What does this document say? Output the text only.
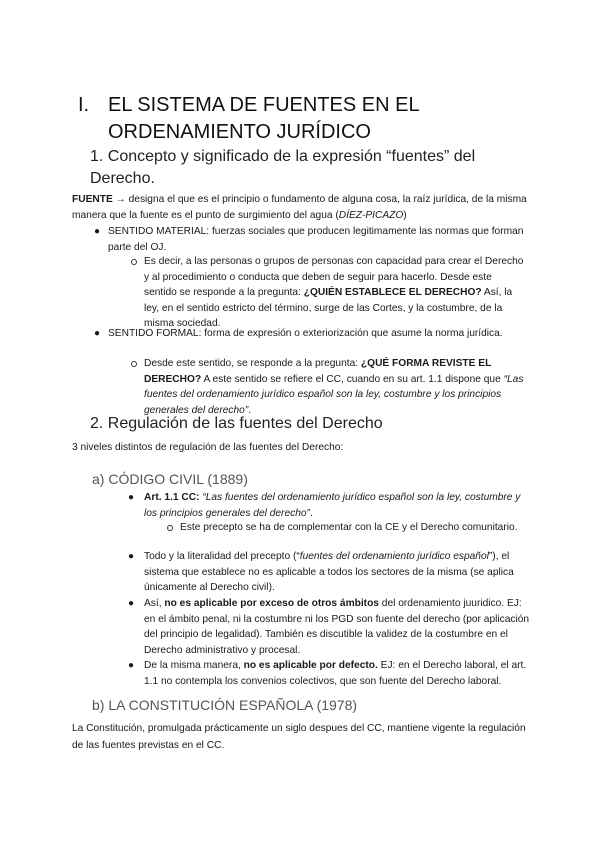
I. EL SISTEMA DE FUENTES EN EL ORDENAMIENTO JURÍDICO
1. Concepto y significado de la expresión “fuentes” del Derecho.
FUENTE → designa el que es el principio o fundamento de alguna cosa, la raíz jurídica, de la misma manera que la fuente es el punto de surgimiento del agua (DÍEZ-PICAZO)
● SENTIDO MATERIAL: fuerzas sociales que producen legitimamente las normas que forman parte del OJ.
Es decir, a las personas o grupos de personas con capacidad para crear el Derecho y al procedimiento o conducta que deben de seguir para hacerlo. Desde este sentido se responde a la pregunta: ¿QUIÉN ESTABLECE EL DERECHO? Así, la ley, en el sentido estricto del término, surge de las Cortes, y la costumbre, de la misma sociedad.
● SENTIDO FORMAL: forma de expresión o exteriorización que asume la norma jurídica.
Desde este sentido, se responde a la pregunta: ¿QUÉ FORMA REVISTE EL DERECHO? A este sentido se refiere el CC, cuando en su art. 1.1 dispone que “Las fuentes del ordenamiento jurídico español son la ley, costumbre y los principios generales del derecho”.
2. Regulación de las fuentes del Derecho
3 niveles distintos de regulación de las fuentes del Derecho:
a) CÓDIGO CIVIL (1889)
● Art. 1.1 CC: “Las fuentes del ordenamiento jurídico español son la ley, costumbre y los principios generales del derecho”.
Este precepto se ha de complementar con la CE y el Derecho comunitario.
● Todo y la literalidad del precepto (“fuentes del ordenamiento jurídico español”), el sistema que establece no es aplicable a todos los sectores de la misma (se aplica únicamente al Derecho civil).
● Así, no es aplicable por exceso de otros ámbitos del ordenamiento juuridico. EJ: en el ámbito penal, ni la costumbre ni los PGD son fuente del derecho (por aplicación del principio de legalidad). También es discutible la validez de la costumbre en el Derecho administrativo y procesal.
● De la misma manera, no es aplicable por defecto. EJ: en el Derecho laboral, el art. 1.1 no contempla los convenios colectivos, que son fuente del Derecho laboral.
b) LA CONSTITUCIÓN ESPAÑOLA (1978)
La Constitución, promulgada prácticamente un siglo despues del CC, mantiene vigente la regulación de las fuentes previstas en el CC.
